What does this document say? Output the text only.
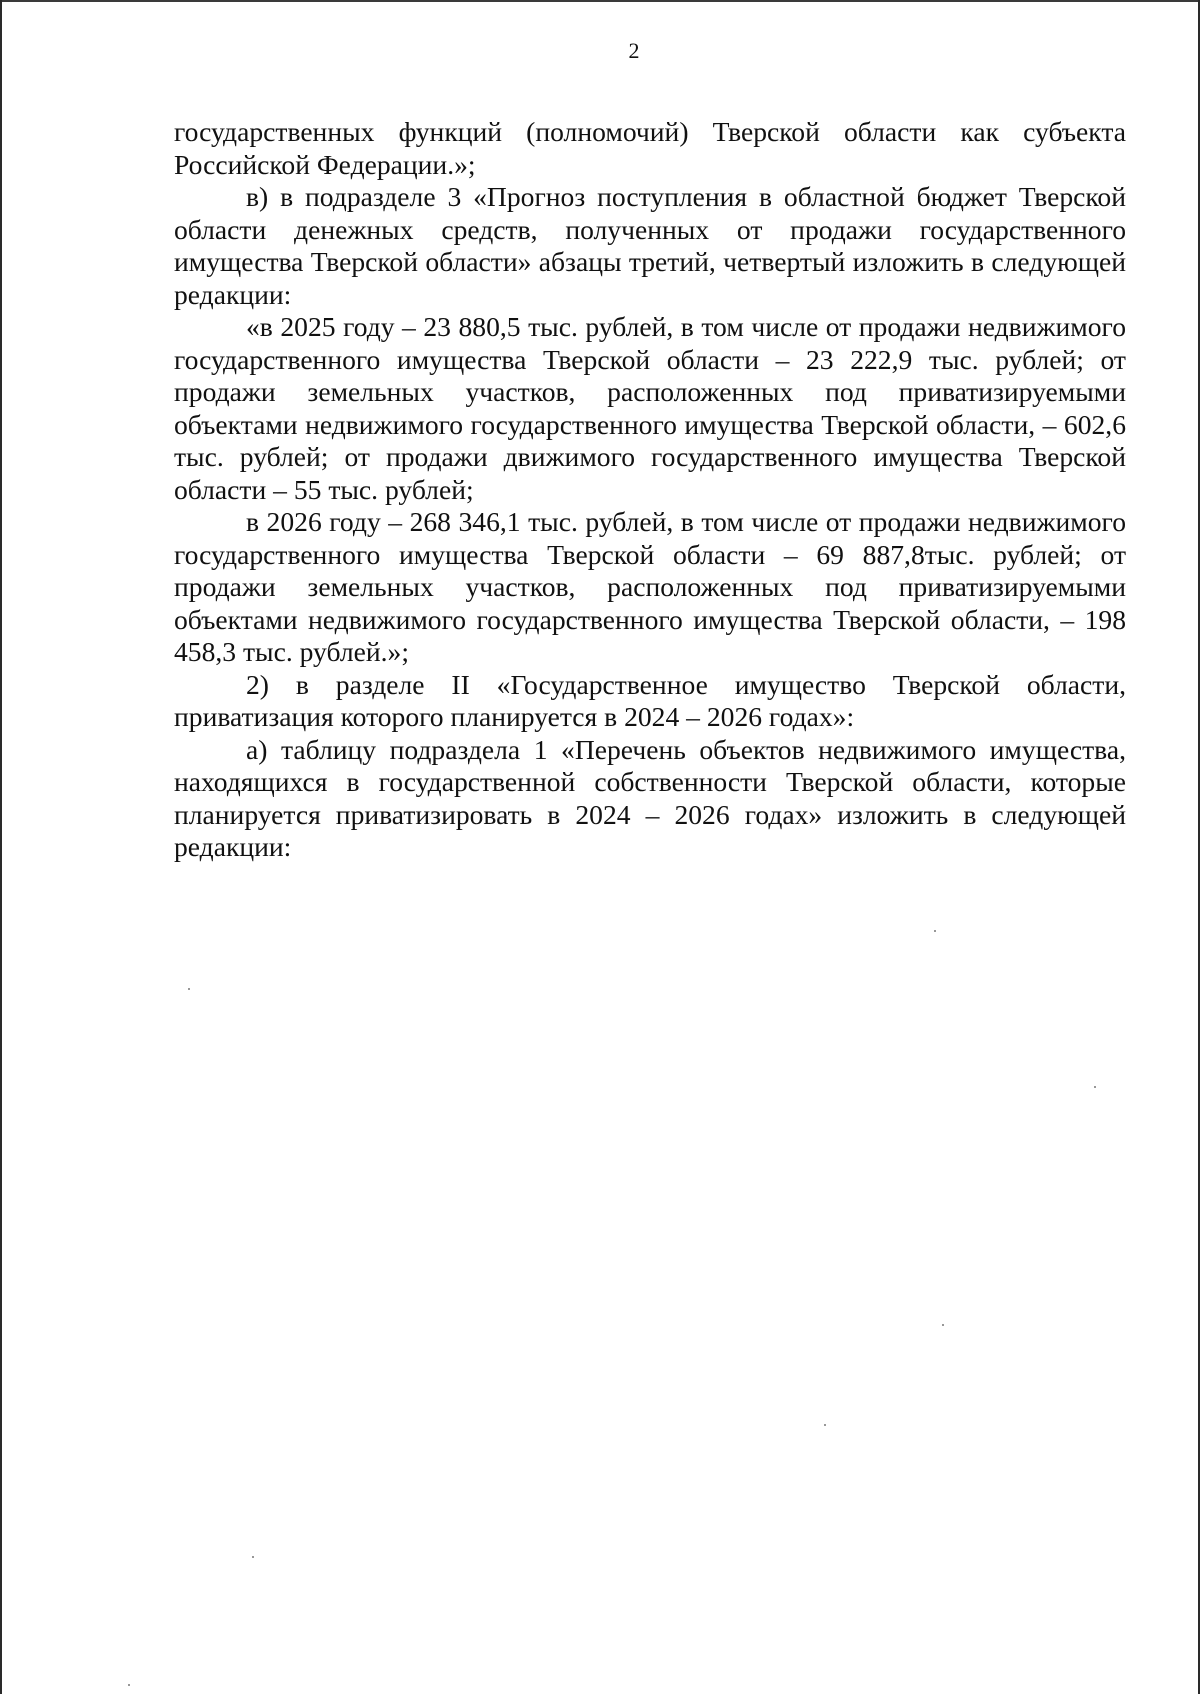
2

государственных функций (полномочий) Тверской области как субъекта Российской Федерации.»;

в) в подразделе 3 «Прогноз поступления в областной бюджет Тверской области денежных средств, полученных от продажи государственного имущества Тверской области» абзацы третий, четвертый изложить в следующей редакции:

«в 2025 году – 23 880,5 тыс. рублей, в том числе от продажи недвижимого государственного имущества Тверской области – 23 222,9 тыс. рублей; от продажи земельных участков, расположенных под приватизируемыми объектами недвижимого государственного имущества Тверской области, – 602,6 тыс. рублей; от продажи движимого государственного имущества Тверской области – 55 тыс. рублей;

в 2026 году – 268 346,1 тыс. рублей, в том числе от продажи недвижимого государственного имущества Тверской области – 69 887,8тыс. рублей; от продажи земельных участков, расположенных под приватизируемыми объектами недвижимого государственного имущества Тверской области, – 198 458,3 тыс. рублей.»;

2) в разделе II «Государственное имущество Тверской области, приватизация которого планируется в 2024 – 2026 годах»:

а) таблицу подраздела 1 «Перечень объектов недвижимого имущества, находящихся в государственной собственности Тверской области, которые планируется приватизировать в 2024 – 2026 годах» изложить в следующей редакции:
